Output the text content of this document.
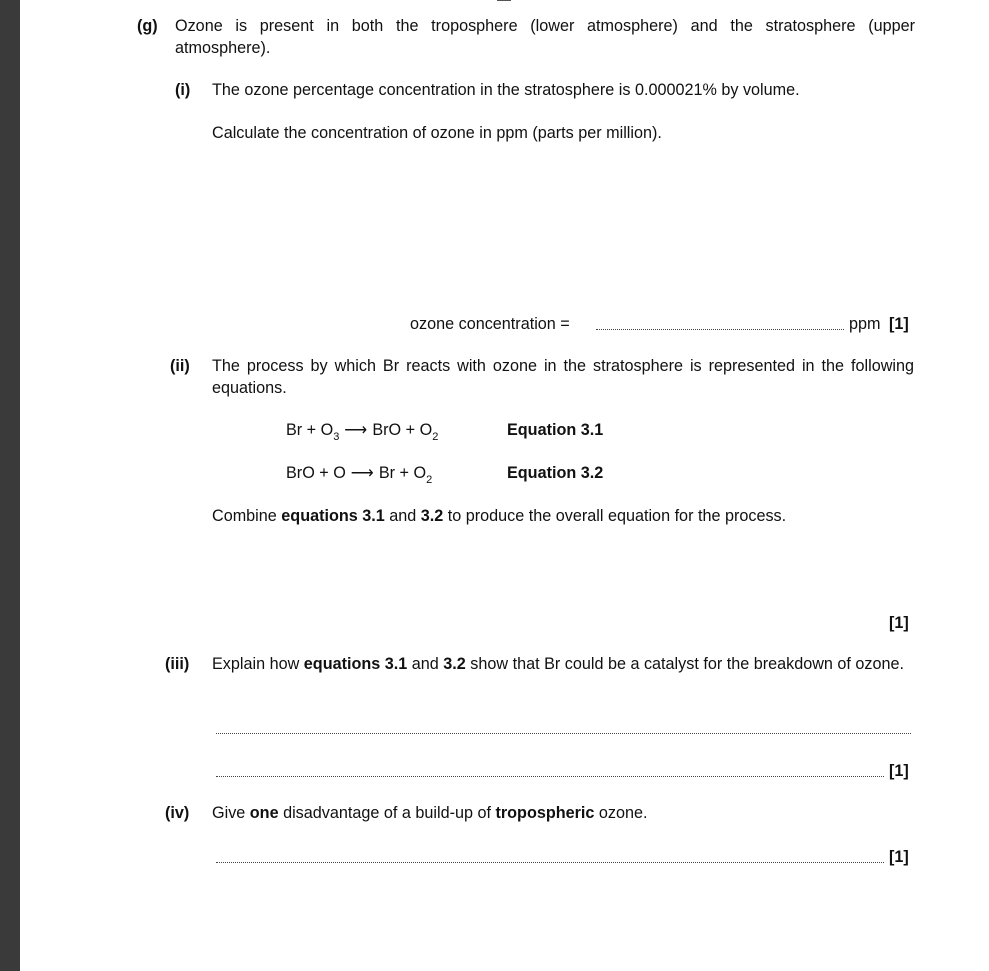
(g) Ozone is present in both the troposphere (lower atmosphere) and the stratosphere (upper atmosphere).
(i) The ozone percentage concentration in the stratosphere is 0.000021% by volume.
Calculate the concentration of ozone in ppm (parts per million).
ozone concentration =	ppm [1]
(ii) The process by which Br reacts with ozone in the stratosphere is represented in the following equations.
$Br + O_3$ ⟶ BrO + $O_2$	Equation 3.1
BrO + O ⟶ $Br + O_2$	Equation 3.2
Combine equations 3.1 and 3.2 to produce the overall equation for the process.
[1]
(iii) Explain how equations 3.1 and 3.2 show that Br could be a catalyst for the breakdown of ozone.
[1]
(iv) Give one disadvantage of a build-up of tropospheric ozone.
[1]
